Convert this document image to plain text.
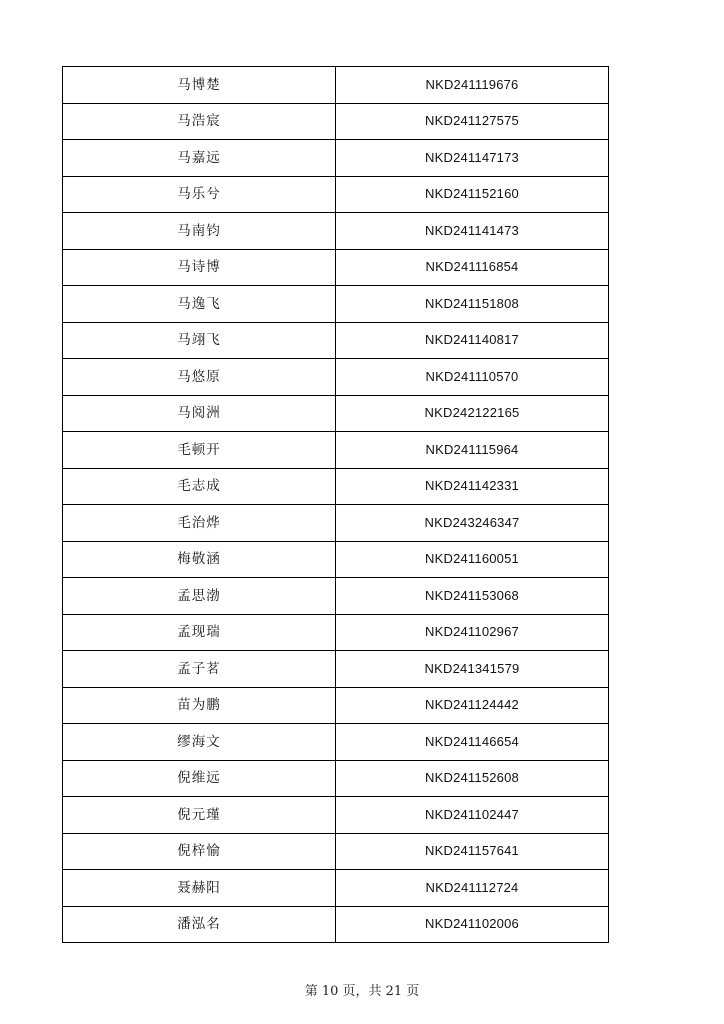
马博楚	NKD241119676
马浩宸	NKD241127575
马嘉远	NKD241147173
马乐兮	NKD241152160
马南钧	NKD241141473
马诗博	NKD241116854
马逸飞	NKD241151808
马翊飞	NKD241140817
马悠原	NKD241110570
马阅洲	NKD242122165
毛顿开	NKD241115964
毛志成	NKD241142331
毛治烨	NKD243246347
梅敬涵	NKD241160051
孟思渤	NKD241153068
孟现瑞	NKD241102967
孟子茗	NKD241341579
苗为鹏	NKD241124442
缪海文	NKD241146654
倪维远	NKD241152608
倪元瑾	NKD241102447
倪梓愉	NKD241157641
聂赫阳	NKD241112724
潘泓名	NKD241102006
第 10 页，共 21 页
